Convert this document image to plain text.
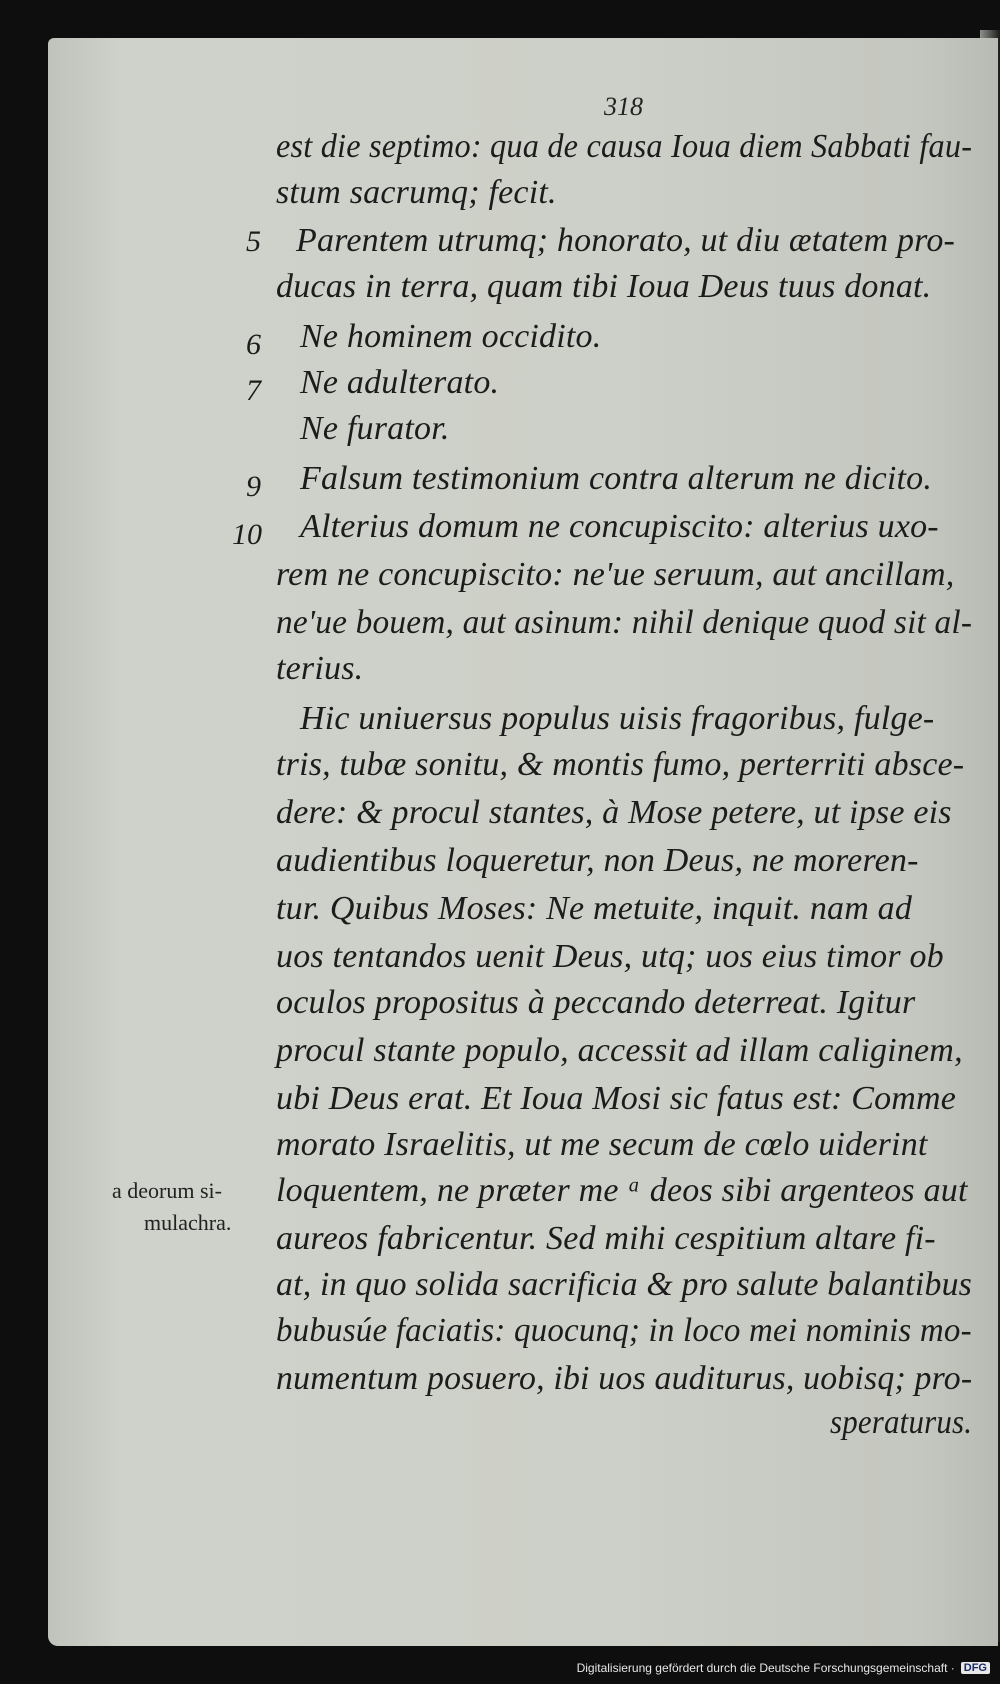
318
est die septimo: qua de causa Ioua diem Sabbati fau-
stum sacrumq; fecit.
5 Parentem utrumq; honorato, ut diu ætatem pro-
ducas in terra, quam tibi Ioua Deus tuus donat.
6 Ne hominem occidito.
7 Ne adulterato.
Ne furator.
9 Falsum testimonium contra alterum ne dicito.
10 Alterius domum ne concupiscito: alterius uxo-
rem ne concupiscito: ne'ue seruum, aut ancillam,
ne'ue bouem, aut asinum: nihil denique quod sit al-
terius.
Hic uniuersus populus uisis fragoribus, fulge-
tris, tubæ sonitu, & montis fumo, perterriti absce-
dere: & procul stantes, à Mose petere, ut ipse eis
audientibus loqueretur, non Deus, ne moreren-
tur. Quibus Moses: Ne metuite, inquit. nam ad
uos tentandos uenit Deus, utq; uos eius timor ob
oculos propositus à peccando deterreat. Igitur
procul stante populo, accessit ad illam caliginem,
ubi Deus erat. Et Ioua Mosi sic fatus est: Comme
morato Israelitis, ut me secum de cœlo uiderint
a deorum si- loquentem, ne præter me ᵃ deos sibi argenteos aut
mulachra. aureos fabricentur. Sed mihi cespitium altare fi-
at, in quo solida sacrificia & pro salute balantibus
bubusúe faciatis: quocunq; in loco mei nominis mo-
numentum posuero, ibi uos auditurus, uobisq; pro-
speraturus.
Digitalisierung gefördert durch die Deutsche Forschungsgemeinschaft · DFG
